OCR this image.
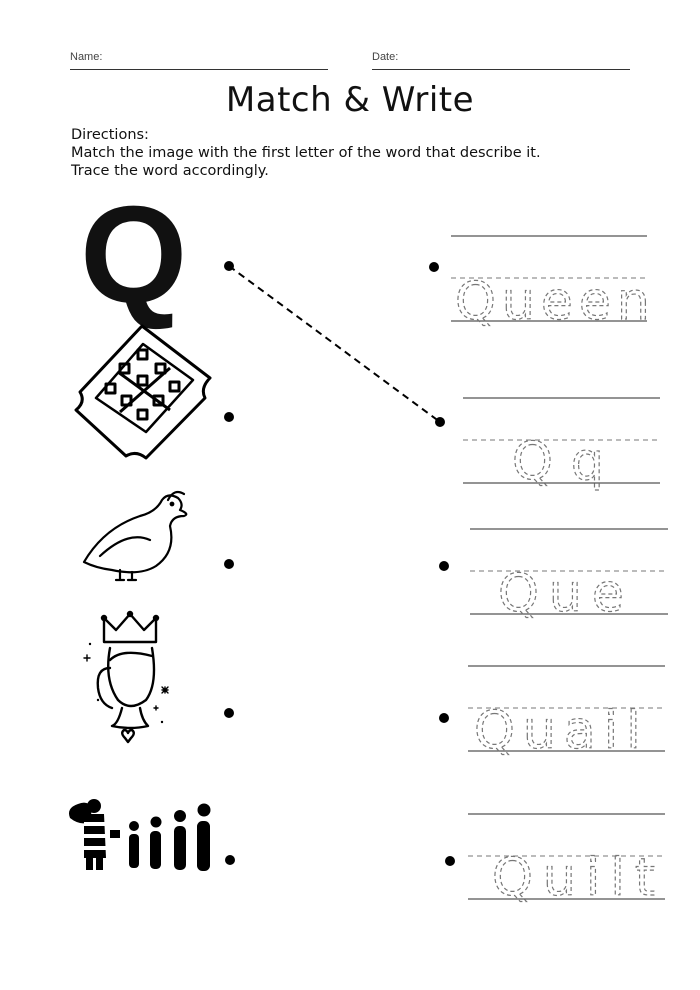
Name:	Date:
Match & Write
Directions:
Match the image with the first letter of the word that describe it.
Trace the word accordingly.
Q	Queen
Qq
Que
Quail
Quilt
